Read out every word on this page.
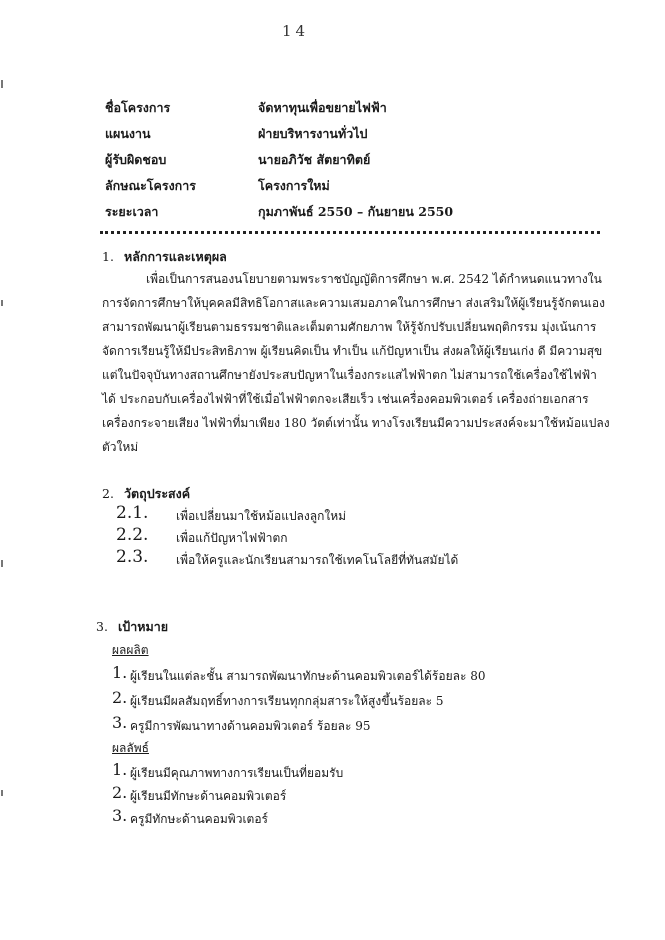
14
ชื่อโครงการ	จัดหาทุนเพื่อขยายไฟฟ้า
แผนงาน	ฝ่ายบริหารงานทั่วไป
ผู้รับผิดชอบ	นายอภิวัช สัตยาทิตย์
ลักษณะโครงการ	โครงการใหม่
ระยะเวลา	กุมภาพันธ์ 2550 – กันยายน 2550
1. หลักการและเหตุผล
เพื่อเป็นการสนองนโยบายตามพระราชบัญญัติการศึกษา พ.ศ. 2542 ได้กำหนดแนวทางใน
การจัดการศึกษาให้บุคคลมีสิทธิโอกาสและความเสมอภาคในการศึกษา ส่งเสริมให้ผู้เรียนรู้จักตนเอง
สามารถพัฒนาผู้เรียนตามธรรมชาติและเต็มตามศักยภาพ ให้รู้จักปรับเปลี่ยนพฤติกรรม มุ่งเน้นการ
จัดการเรียนรู้ให้มีประสิทธิภาพ ผู้เรียนคิดเป็น ทำเป็น แก้ปัญหาเป็น ส่งผลให้ผู้เรียนเก่ง ดี มีความสุข
แต่ในปัจจุบันทางสถานศึกษายังประสบปัญหาในเรื่องกระแสไฟฟ้าตก ไม่สามารถใช้เครื่องใช้ไฟฟ้า
ได้ ประกอบกับเครื่องไฟฟ้าที่ใช้เมื่อไฟฟ้าตกจะเสียเร็ว เช่นเครื่องคอมพิวเตอร์ เครื่องถ่ายเอกสาร
เครื่องกระจายเสียง ไฟฟ้าที่มาเพียง 180 วัตต์เท่านั้น ทางโรงเรียนมีความประสงค์จะมาใช้หม้อแปลง
ตัวใหม่
2. วัตถุประสงค์
2.1. เพื่อเปลี่ยนมาใช้หม้อแปลงลูกใหม่
2.2. เพื่อแก้ปัญหาไฟฟ้าตก
2.3. เพื่อให้ครูและนักเรียนสามารถใช้เทคโนโลยีที่ทันสมัยได้
3. เป้าหมาย
ผลผลิต
1. ผู้เรียนในแต่ละชั้น สามารถพัฒนาทักษะด้านคอมพิวเตอร์ได้ร้อยละ 80
2. ผู้เรียนมีผลสัมฤทธิ์ทางการเรียนทุกกลุ่มสาระให้สูงขึ้นร้อยละ 5
3. ครูมีการพัฒนาทางด้านคอมพิวเตอร์ ร้อยละ 95
ผลลัพธ์
1. ผู้เรียนมีคุณภาพทางการเรียนเป็นที่ยอมรับ
2. ผู้เรียนมีทักษะด้านคอมพิวเตอร์
3. ครูมีทักษะด้านคอมพิวเตอร์
